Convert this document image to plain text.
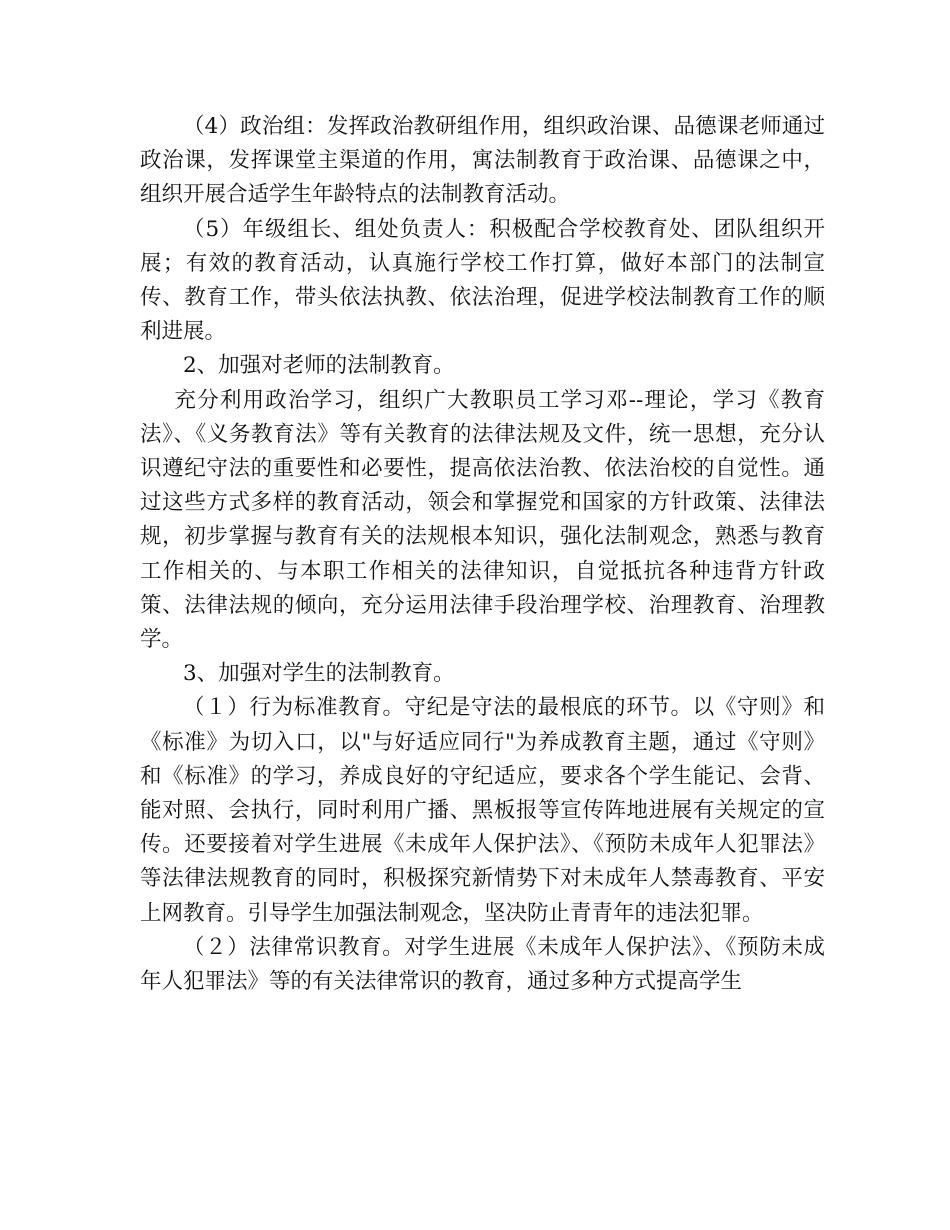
（4）政治组：发挥政治教研组作用，组织政治课、品德课老师通过政治课，发挥课堂主渠道的作用，寓法制教育于政治课、品德课之中，组织开展合适学生年龄特点的法制教育活动。

（5）年级组长、组处负责人：积极配合学校教育处、团队组织开展；有效的教育活动，认真施行学校工作打算，做好本部门的法制宣传、教育工作，带头依法执教、依法治理，促进学校法制教育工作的顺利进展。

2、加强对老师的法制教育。

充分利用政治学习，组织广大教职员工学习邓--理论，学习《教育法》、《义务教育法》等有关教育的法律法规及文件，统一思想，充分认识遵纪守法的重要性和必要性，提高依法治教、依法治校的自觉性。通过这些方式多样的教育活动，领会和掌握党和国家的方针政策、法律法规，初步掌握与教育有关的法规根本知识，强化法制观念，熟悉与教育工作相关的、与本职工作相关的法律知识，自觉抵抗各种违背方针政策、法律法规的倾向，充分运用法律手段治理学校、治理教育、治理教学。

3、加强对学生的法制教育。

（１）行为标准教育。守纪是守法的最根底的环节。以《守则》和《标准》为切入口，以"与好适应同行"为养成教育主题，通过《守则》和《标准》的学习，养成良好的守纪适应，要求各个学生能记、会背、能对照、会执行，同时利用广播、黑板报等宣传阵地进展有关规定的宣传。还要接着对学生进展《未成年人保护法》、《预防未成年人犯罪法》等法律法规教育的同时，积极探究新情势下对未成年人禁毒教育、平安上网教育。引导学生加强法制观念，坚决防止青青年的违法犯罪。

（２）法律常识教育。对学生进展《未成年人保护法》、《预防未成年人犯罪法》等的有关法律常识的教育，通过多种方式提高学生
